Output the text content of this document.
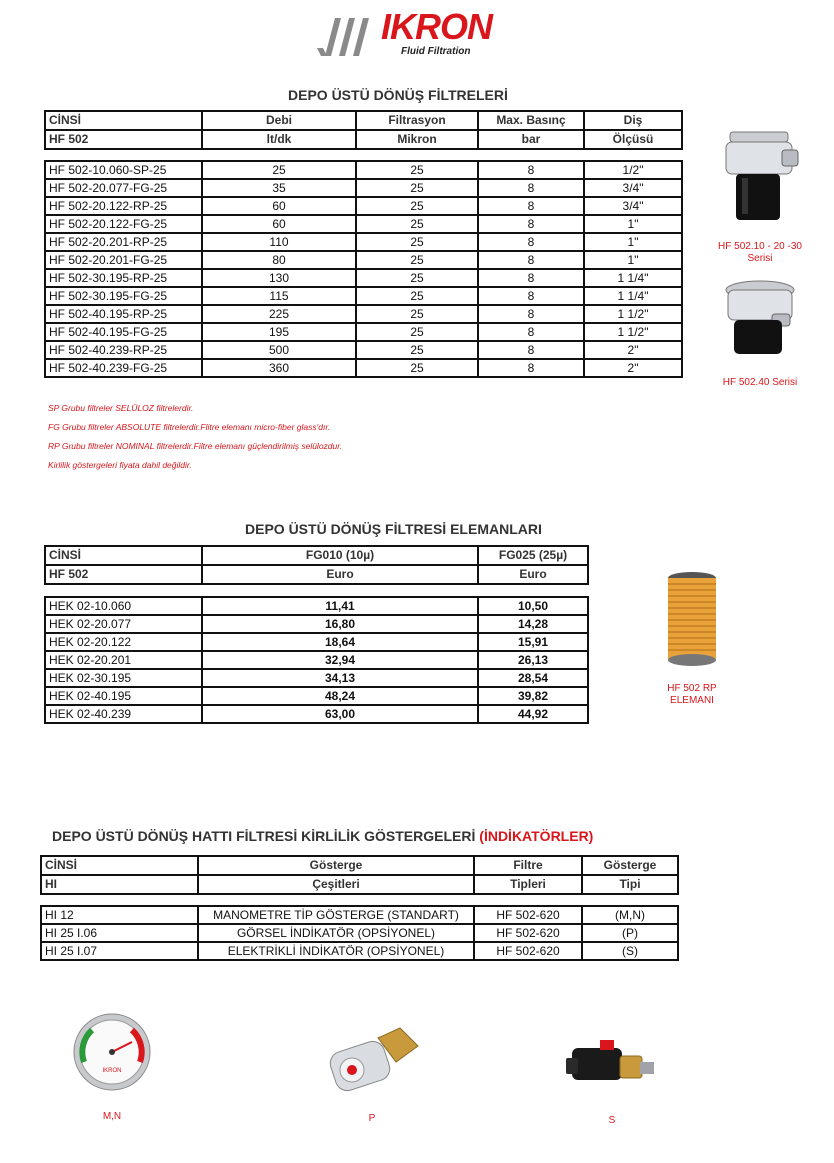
IKRON
Fluid Filtration
DEPO ÜSTÜ DÖNÜŞ FİLTRELERİ
CİNSİ	Debi	Filtrasyon	Max. Basınç	Diş
HF 502	lt/dk	Mikron	bar	Ölçüsü
HF 502-10.060-SP-25	25	25	8	1/2"
HF 502-20.077-FG-25	35	25	8	3/4"
HF 502-20.122-RP-25	60	25	8	3/4"
HF 502-20.122-FG-25	60	25	8	1"
HF 502-20.201-RP-25	110	25	8	1"
HF 502-20.201-FG-25	80	25	8	1"
HF 502-30.195-RP-25	130	25	8	1 1/4"
HF 502-30.195-FG-25	115	25	8	1 1/4"
HF 502-40.195-RP-25	225	25	8	1 1/2"
HF 502-40.195-FG-25	195	25	8	1 1/2"
HF 502-40.239-RP-25	500	25	8	2"
HF 502-40.239-FG-25	360	25	8	2"
SP Grubu filtreler SELÜLOZ filtrelerdir.
FG Grubu filtreler ABSOLUTE filtrelerdir.Flitre elemanı micro-fiber glass'dır.
RP Grubu filtreler NOMINAL filtrelerdir.Filtre elemanı güçlendirilmiş selülozdur.
Kirlilik göstergeleri fiyata dahil değildir.
HF 502.10 - 20 -30
Serisi
HF 502.40 Serisi
DEPO ÜSTÜ DÖNÜŞ FİLTRESİ ELEMANLARI
CİNSİ	FG010 (10µ)	FG025 (25µ)
HF 502	Euro	Euro
HEK 02-10.060	11,41	10,50
HEK 02-20.077	16,80	14,28
HEK 02-20.122	18,64	15,91
HEK 02-20.201	32,94	26,13
HEK 02-30.195	34,13	28,54
HEK 02-40.195	48,24	39,82
HEK 02-40.239	63,00	44,92
HF 502 RP
ELEMANI
DEPO ÜSTÜ DÖNÜŞ HATTI FİLTRESİ KİRLİLİK GÖSTERGELERİ (İNDİKATÖRLER)
CİNSİ	Gösterge	Filtre	Gösterge
HI	Çeşitleri	Tipleri	Tipi
HI 12	MANOMETRE TİP GÖSTERGE (STANDART)	HF 502-620	(M,N)
HI 25 I.06	GÖRSEL İNDİKATÖR (OPSİYONEL)	HF 502-620	(P)
HI 25 I.07	ELEKTRİKLİ İNDİKATÖR (OPSİYONEL)	HF 502-620	(S)
IKRON
M,N	P	S
